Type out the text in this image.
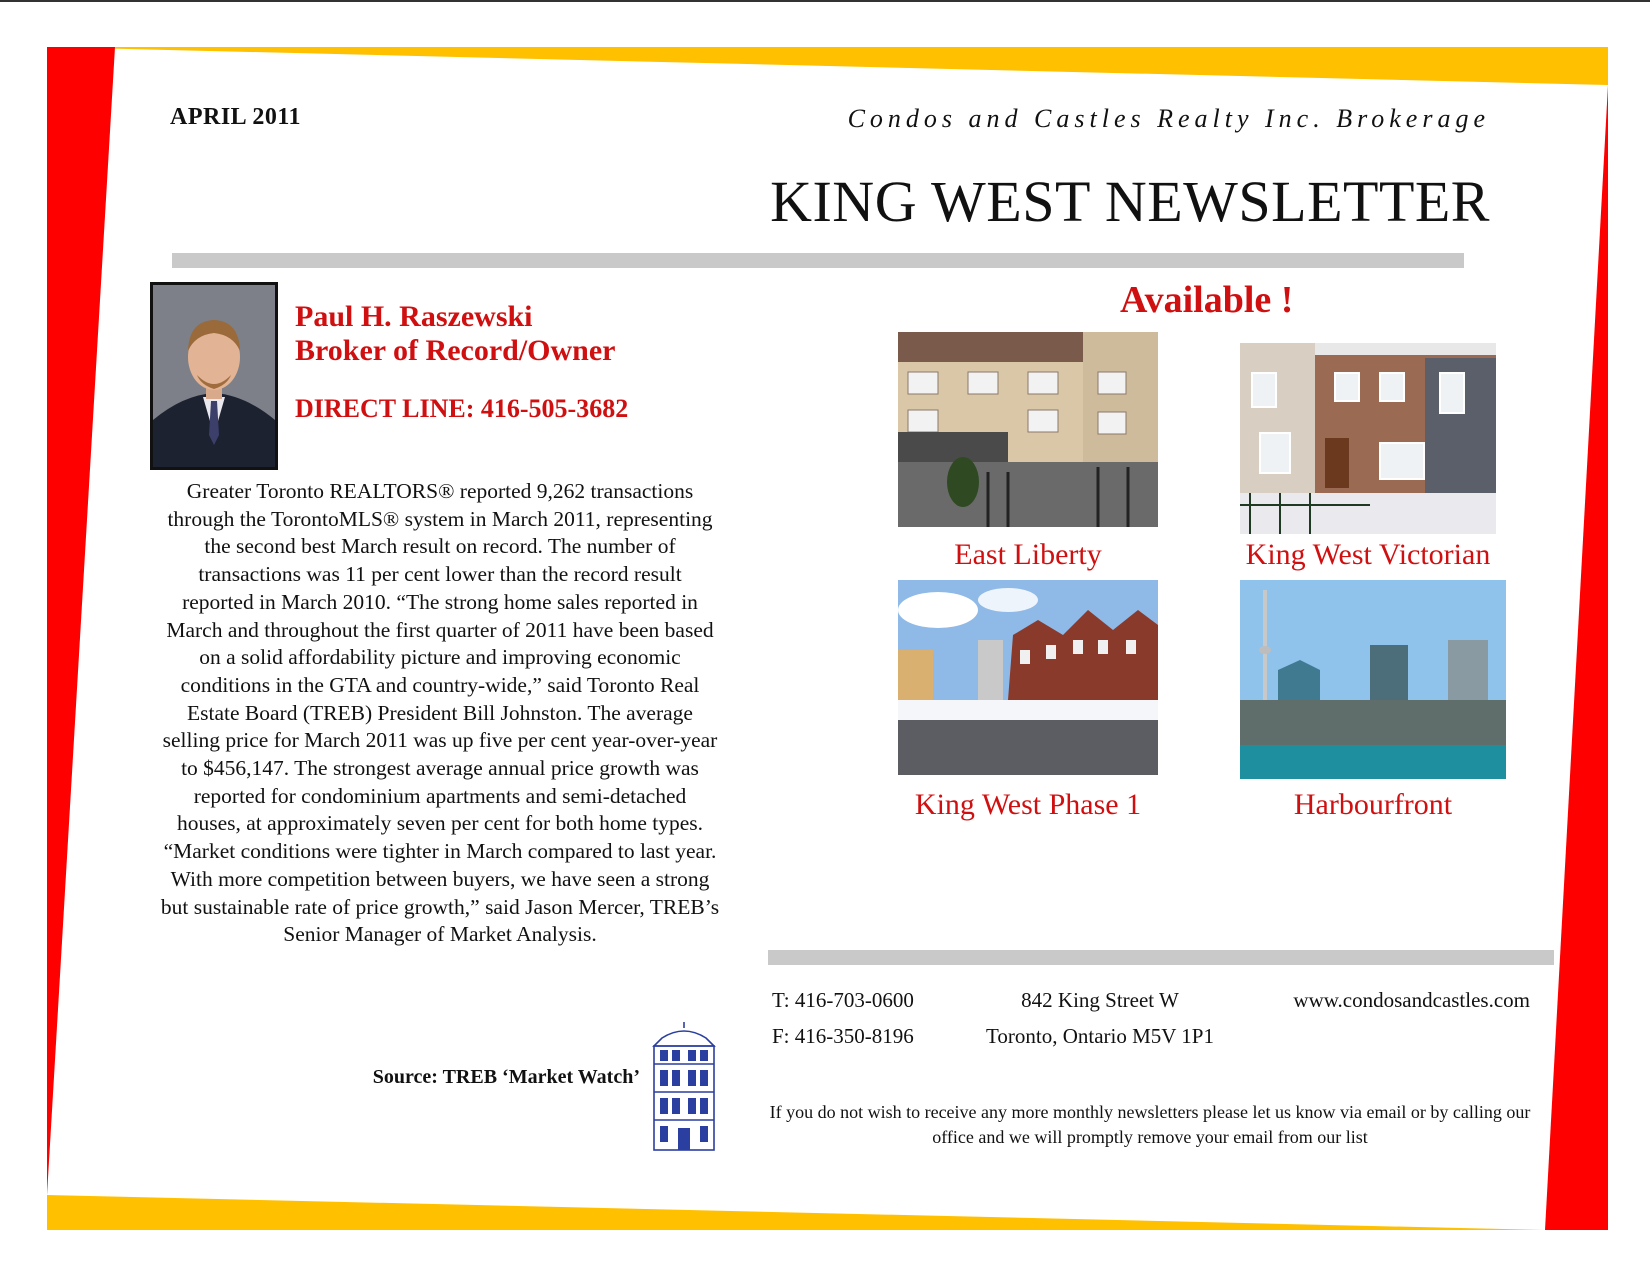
APRIL 2011	Condos and Castles Realty Inc. Brokerage
KING WEST NEWSLETTER
Paul H. Raszewski
Broker of Record/Owner
DIRECT LINE: 416-505-3682
Greater Toronto REALTORS® reported 9,262 transactions through the TorontoMLS® system in March 2011, representing the second best March result on record. The number of transactions was 11 per cent lower than the record result reported in March 2010. “The strong home sales reported in March and throughout the first quarter of 2011 have been based on a solid affordability picture and improving economic conditions in the GTA and country-wide,” said Toronto Real Estate Board (TREB) President Bill Johnston. The average selling price for March 2011 was up five per cent year-over-year to $456,147. The strongest average annual price growth was reported for condominium apartments and semi-detached houses, at approximately seven per cent for both home types. “Market conditions were tighter in March compared to last year. With more competition between buyers, we have seen a strong but sustainable rate of price growth,” said Jason Mercer, TREB’s Senior Manager of Market Analysis.
Source: TREB ‘Market Watch’
Available !
East Liberty	King West Victorian
King West Phase 1	Harbourfront
T: 416-703-0600
F: 416-350-8196
842 King Street W
Toronto, Ontario M5V 1P1
www.condosandcastles.com
If you do not wish to receive any more monthly newsletters please let us know via email or by calling our office and we will promptly remove your email from our list
